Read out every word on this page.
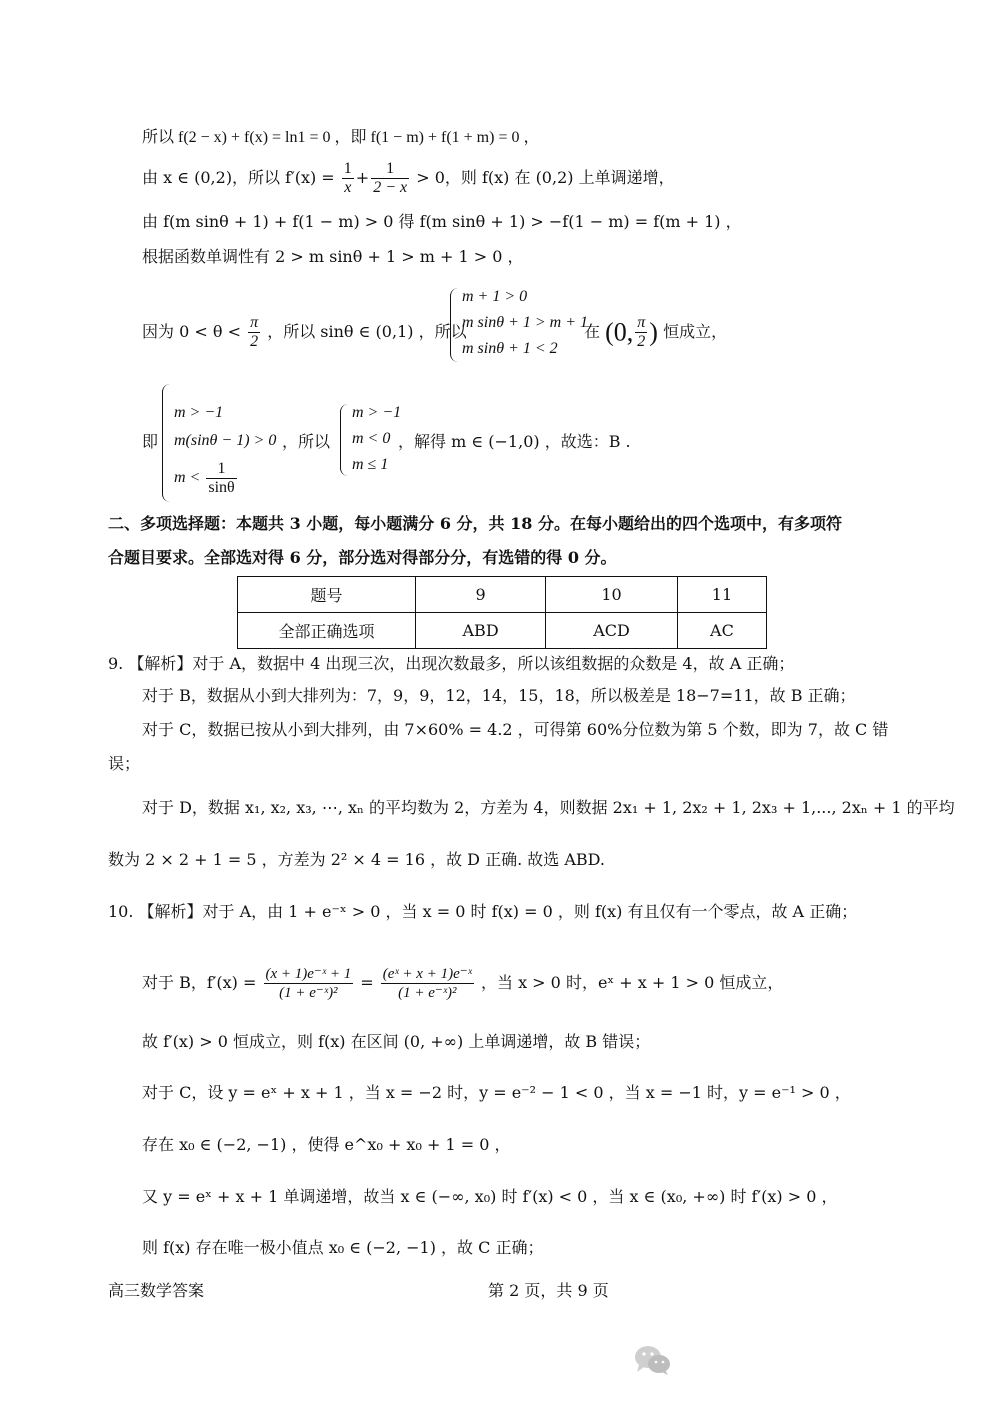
所以 f(2 − x) + f(x) = ln1 = 0 ，即 f(1 − m) + f(1 + m) = 0 ，
由 x ∈ (0,2)，所以 $f'(x) = \frac{1}{x} + \frac{1}{2 - x} > 0$，则 f(x) 在 (0,2) 上单调递增，
由 f(m sinθ + 1) + f(1 − m) > 0 得 f(m sinθ + 1) > −f(1 − m) = f(m + 1) ，
根据函数单调性有 2 > m sinθ + 1 > m + 1 > 0 ，
因为 $0 < \theta < \frac{\pi}{2}$ ，所以 sinθ ∈ (0,1) ，所以
m + 1 > 0
m sinθ + 1 > m + 1
m sinθ + 1 < 2
在 (0, $\frac{\pi}{2}$ ) 恒成立，
即
m > −1
m(sinθ − 1) > 0
$m < \frac{1}{\sin\theta}$
，所以
m > −1
m < 0
m ≤ 1
，解得 m ∈ (−1,0) ，故选：B .
二、多项选择题：本题共 3 小题，每小题满分 6 分，共 18 分。在每小题给出的四个选项中，有多项符
合题目要求。全部选对得 6 分，部分选对得部分分，有选错的得 0 分。
题号	9	10	11
全部正确选项	ABD	ACD	AC
9. 【解析】对于 A，数据中 4 出现三次，出现次数最多，所以该组数据的众数是 4，故 A 正确；
对于 B，数据从小到大排列为：7，9，9，12，14，15，18，所以极差是 18−7=11，故 B 正确；
对于 C，数据已按从小到大排列，由 7×60% = 4.2 ，可得第 60%分位数为第 5 个数，即为 7，故 C 错
误；
对于 D，数据 x₁, x₂, x₃, ⋯, xₙ 的平均数为 2，方差为 4，则数据 2x₁ + 1, 2x₂ + 1, 2x₃ + 1,..., 2xₙ + 1 的平均
数为 2 × 2 + 1 = 5 ，方差为 2² × 4 = 16 ，故 D 正确. 故选 ABD.
10. 【解析】对于 A，由 1 + e⁻ˣ > 0 ，当 x = 0 时 f(x) = 0 ，则 f(x) 有且仅有一个零点，故 A 正确；
对于 B，$f'(x) = \frac{\text{(x + 1)e⁻ˣ + 1}}{\text{(1 + e⁻ˣ)²}} = \frac{\text{(eˣ + x + 1)e⁻ˣ}}{\text{(1 + e⁻ˣ)²}}$ ，当 x > 0 时，eˣ + x + 1 > 0 恒成立，
故 f′(x) > 0 恒成立，则 f(x) 在区间 (0, +∞) 上单调递增，故 B 错误；
对于 C，设 y = eˣ + x + 1 ，当 x = −2 时，y = e⁻² − 1 < 0 ，当 x = −1 时，y = e⁻¹ > 0 ，
存在 x₀ ∈ (−2, −1) ，使得 e^x₀ + x₀ + 1 = 0 ，
又 y = eˣ + x + 1 单调递增，故当 x ∈ (−∞, x₀) 时 f′(x) < 0 ，当 x ∈ (x₀, +∞) 时 f′(x) > 0 ，
则 f(x) 存在唯一极小值点 x₀ ∈ (−2, −1) ，故 C 正确；
高三数学答案	第 2 页，共 9 页
